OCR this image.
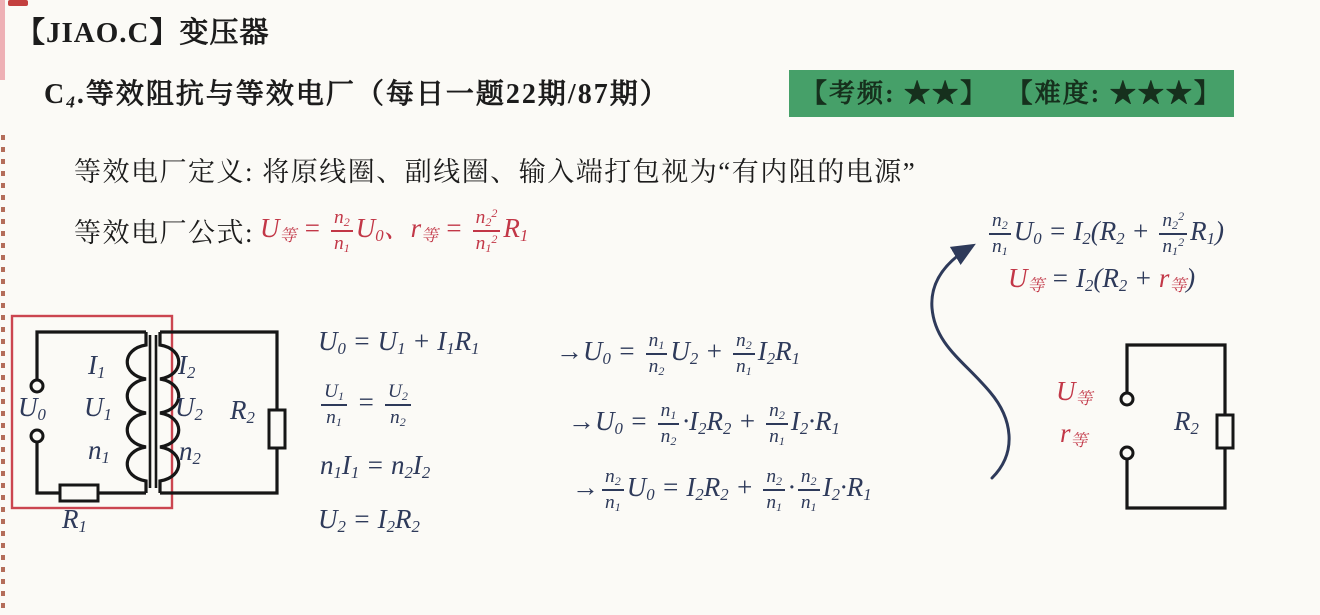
【JIAO.C】变压器
$C_4$.等效阻抗与等效电厂（每日一题22期/87期）	【考频: ★★】 【难度: ★★★】
等效电厂定义: 将原线圈、副线圈、输入端打包视为“有内阻的电源”
等效电厂公式: $U_等 = \frac{n_2}{n_1} U_0$、$r_等 = \frac{n_2^2}{n_1^2} R_1$	$\frac{n_2}{n_1} U_0 = I_2(R_2 + \frac{n_2^2}{n_1^2} R_1)$
$U_等 = I_2(R_2 + r_等)$
$U_0 = U_1 + I_1R_1$
$\frac{U_1}{n_1} = \frac{U_2}{n_2}$
$n_1I_1 = n_2I_2$
$U_2 = I_2R_2$
$\to U_0 = \frac{n_1}{n_2} U_2 + \frac{n_2}{n_1} I_2R_1$
$\to U_0 = \frac{n_1}{n_2} \cdot I_2R_2 + \frac{n_2}{n_1} I_2\cdot R_1$
→ $\frac{n_2}{n_1} U_0 = I_2R_2 + \frac{n_2}{n_1} \cdot \frac{n_2}{n_1} I_2\cdot R_1$
$U_0$
$I_1$
$U_1$
$n_1$
$I_2$
$U_2$
$n_2$
$R_2$
$R_1$
$U_等$
$r_等$
$R_2$
